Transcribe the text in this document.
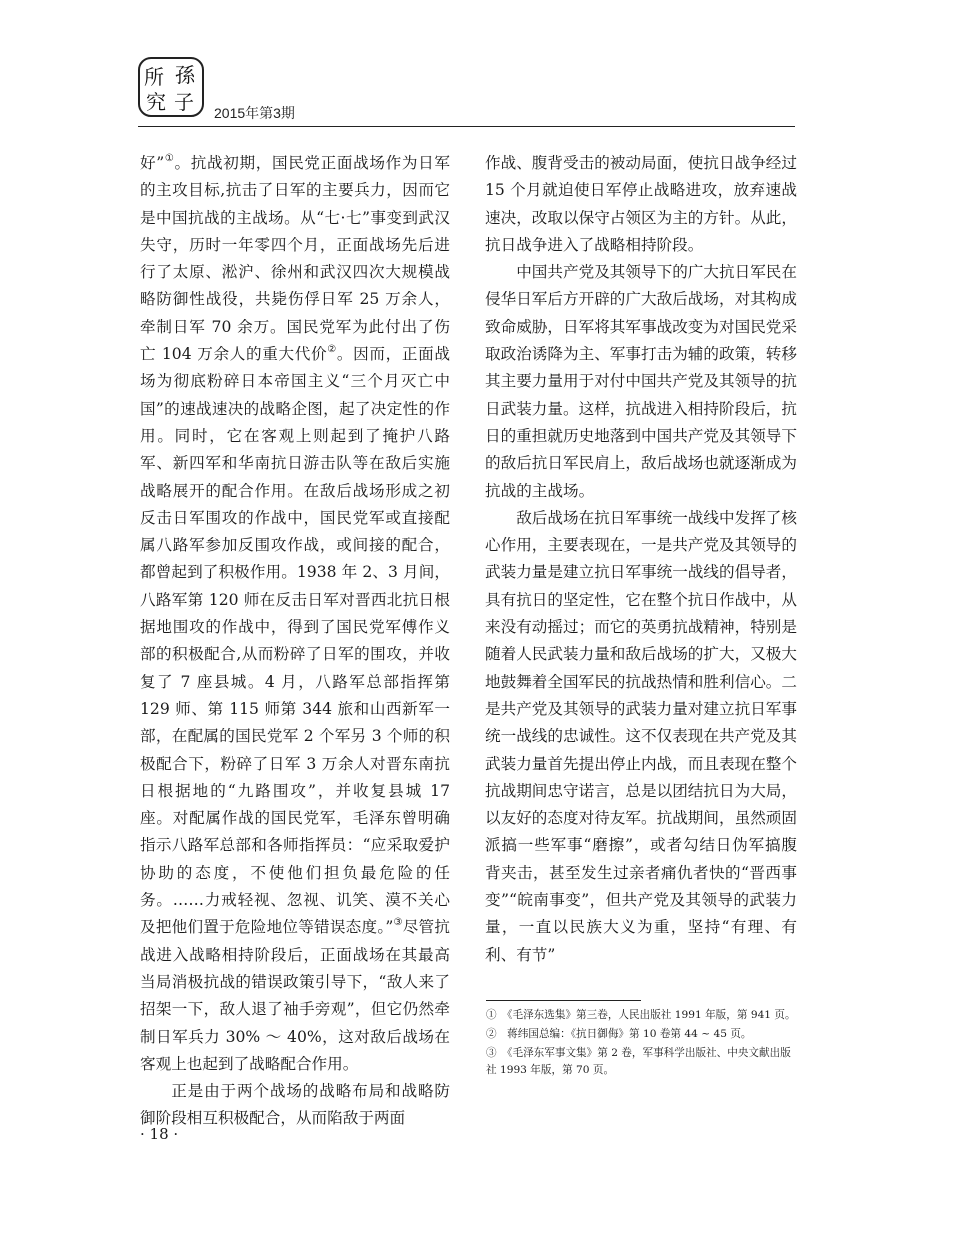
所 孫
究 子 2015年第3期

好”①。抗战初期，国民党正面战场作为日军的主攻目标,抗击了日军的主要兵力，因而它是中国抗战的主战场。从“七·七”事变到武汉失守，历时一年零四个月，正面战场先后进行了太原、淞沪、徐州和武汉四次大规模战略防御性战役，共毙伤俘日军 25 万余人，牵制日军 70 余万。国民党军为此付出了伤亡 104 万余人的重大代价②。因而，正面战场为彻底粉碎日本帝国主义“三个月灭亡中国”的速战速决的战略企图，起了决定性的作用。同时，它在客观上则起到了掩护八路军、新四军和华南抗日游击队等在敌后实施战略展开的配合作用。在敌后战场形成之初反击日军围攻的作战中，国民党军或直接配属八路军参加反围攻作战，或间接的配合，都曾起到了积极作用。1938 年 2、3 月间，八路军第 120 师在反击日军对晋西北抗日根据地围攻的作战中，得到了国民党军傅作义部的积极配合,从而粉碎了日军的围攻，并收复了 7 座县城。4 月，八路军总部指挥第 129 师、第 115 师第 344 旅和山西新军一部，在配属的国民党军 2 个军另 3 个师的积极配合下，粉碎了日军 3 万余人对晋东南抗日根据地的“九路围攻”，并收复县城 17 座。对配属作战的国民党军，毛泽东曾明确指示八路军总部和各师指挥员：“应采取爱护协助的态度，不使他们担负最危险的任务。……力戒轻视、忽视、讥笑、漠不关心及把他们置于危险地位等错误态度。”③尽管抗战进入战略相持阶段后，正面战场在其最高当局消极抗战的错误政策引导下，“敌人来了招架一下，敌人退了袖手旁观”，但它仍然牵制日军兵力 30% ～ 40%，这对敌后战场在客观上也起到了战略配合作用。

正是由于两个战场的战略布局和战略防御阶段相互积极配合，从而陷敌于两面

作战、腹背受击的被动局面，使抗日战争经过 15 个月就迫使日军停止战略进攻，放弃速战速决，改取以保守占领区为主的方针。从此，抗日战争进入了战略相持阶段。

中国共产党及其领导下的广大抗日军民在侵华日军后方开辟的广大敌后战场，对其构成致命威胁，日军将其军事战改变为对国民党采取政治诱降为主、军事打击为辅的政策，转移其主要力量用于对付中国共产党及其领导的抗日武装力量。这样，抗战进入相持阶段后，抗日的重担就历史地落到中国共产党及其领导下的敌后抗日军民肩上，敌后战场也就逐渐成为抗战的主战场。

敌后战场在抗日军事统一战线中发挥了核心作用，主要表现在，一是共产党及其领导的武装力量是建立抗日军事统一战线的倡导者，具有抗日的坚定性，它在整个抗日作战中，从来没有动摇过；而它的英勇抗战精神，特别是随着人民武装力量和敌后战场的扩大，又极大地鼓舞着全国军民的抗战热情和胜利信心。二是共产党及其领导的武装力量对建立抗日军事统一战线的忠诚性。这不仅表现在共产党及其武装力量首先提出停止内战，而且表现在整个抗战期间忠守诺言，总是以团结抗日为大局，以友好的态度对待友军。抗战期间，虽然顽固派搞一些军事“磨擦”，或者勾结日伪军搞腹背夹击，甚至发生过亲者痛仇者快的“晋西事变”“皖南事变”，但共产党及其领导的武装力量，一直以民族大义为重，坚持“有理、有利、有节”

①　《毛泽东选集》第三卷，人民出版社 1991 年版，第 941 页。
②　蒋纬国总编：《抗日御侮》第 10 卷第 44 ~ 45 页。
③　《毛泽东军事文集》第 2 卷，军事科学出版社、中央文献出版社 1993 年版，第 70 页。
· 18 ·
